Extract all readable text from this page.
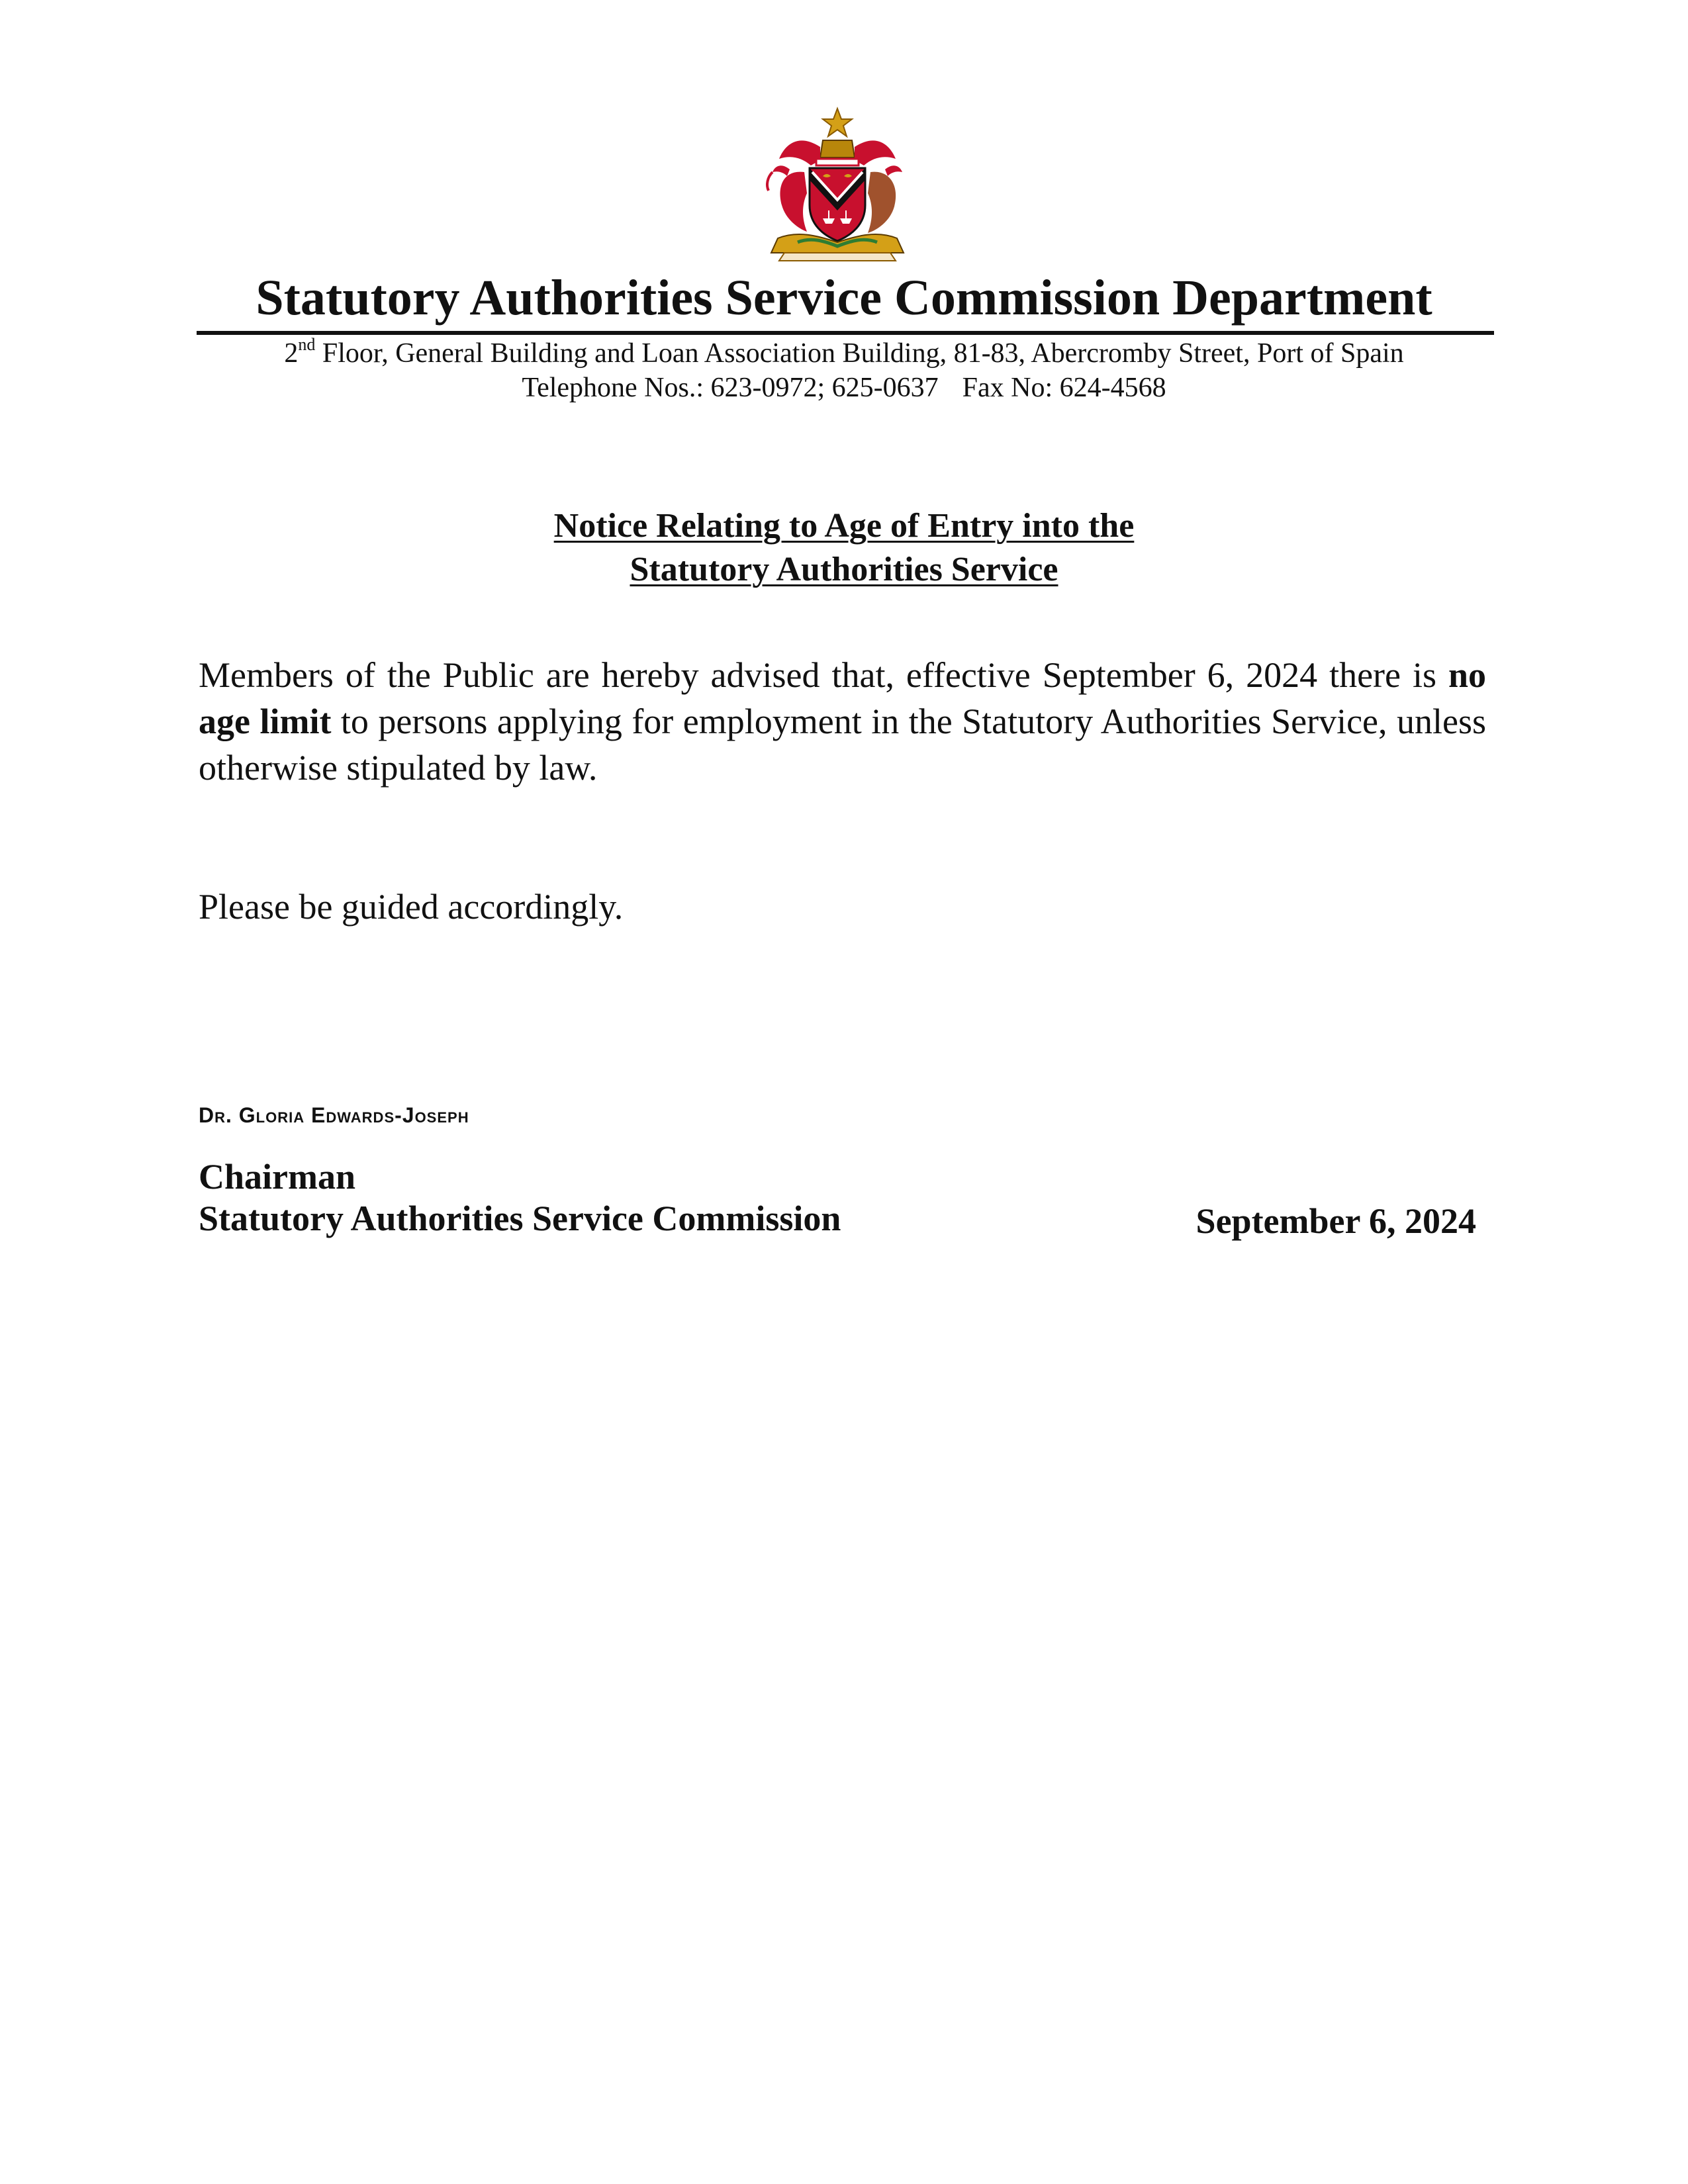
Statutory Authorities Service Commission Department
2nd Floor, General Building and Loan Association Building, 81-83, Abercromby Street, Port of Spain
Telephone Nos.: 623-0972; 625-0637 Fax No: 624-4568
Notice Relating to Age of Entry into the
Statutory Authorities Service
Members of the Public are hereby advised that, effective September 6, 2024 there is no age limit to persons applying for employment in the Statutory Authorities Service, unless otherwise stipulated by law.
Please be guided accordingly.
Dr. Gloria Edwards-Joseph
Chairman
Statutory Authorities Service Commission	September 6, 2024
